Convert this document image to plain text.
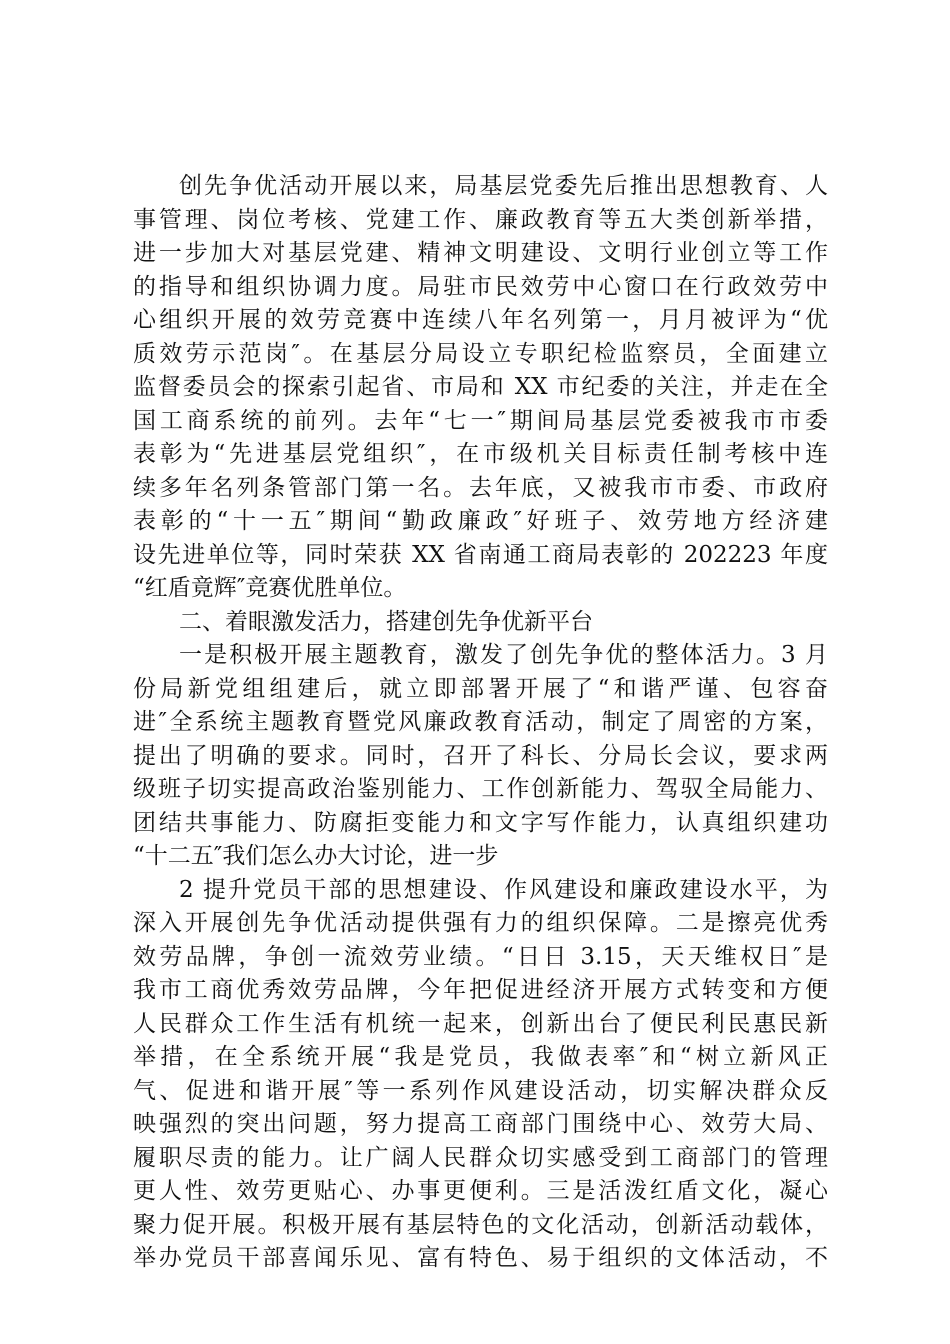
创先争优活动开展以来，局基层党委先后推出思想教育、人
事管理、岗位考核、党建工作、廉政教育等五大类创新举措，
进一步加大对基层党建、精神文明建设、文明行业创立等工作
的指导和组织协调力度。局驻市民效劳中心窗口在行政效劳中
心组织开展的效劳竞赛中连续八年名列第一，月月被评为“优
质效劳示范岗″。在基层分局设立专职纪检监察员，全面建立
监督委员会的探索引起省、市局和 XX 市纪委的关注，并走在全
国工商系统的前列。去年“七一″期间局基层党委被我市市委
表彰为“先进基层党组织″，在市级机关目标责任制考核中连
续多年名列条管部门第一名。去年底，又被我市市委、市政府
表彰的“十一五″期间“勤政廉政″好班子、效劳地方经济建
设先进单位等，同时荣获 XX 省南通工商局表彰的 202223 年度
“红盾竟辉″竞赛优胜单位。
二、着眼激发活力，搭建创先争优新平台
一是积极开展主题教育，激发了创先争优的整体活力。3 月
份局新党组组建后，就立即部署开展了“和谐严谨、包容奋
进″全系统主题教育暨党风廉政教育活动，制定了周密的方案，
提出了明确的要求。同时，召开了科长、分局长会议，要求两
级班子切实提高政治鉴别能力、工作创新能力、驾驭全局能力、
团结共事能力、防腐拒变能力和文字写作能力，认真组织建功
“十二五″我们怎么办大讨论，进一步
2 提升党员干部的思想建设、作风建设和廉政建设水平，为
深入开展创先争优活动提供强有力的组织保障。二是擦亮优秀
效劳品牌，争创一流效劳业绩。“日日 3.15，天天维权日″是
我市工商优秀效劳品牌，今年把促进经济开展方式转变和方便
人民群众工作生活有机统一起来，创新出台了便民利民惠民新
举措，在全系统开展“我是党员，我做表率″和“树立新风正
气、促进和谐开展″等一系列作风建设活动，切实解决群众反
映强烈的突出问题，努力提高工商部门围绕中心、效劳大局、
履职尽责的能力。让广阔人民群众切实感受到工商部门的管理
更人性、效劳更贴心、办事更便利。三是活泼红盾文化，凝心
聚力促开展。积极开展有基层特色的文化活动，创新活动载体，
举办党员干部喜闻乐见、富有特色、易于组织的文体活动，不
